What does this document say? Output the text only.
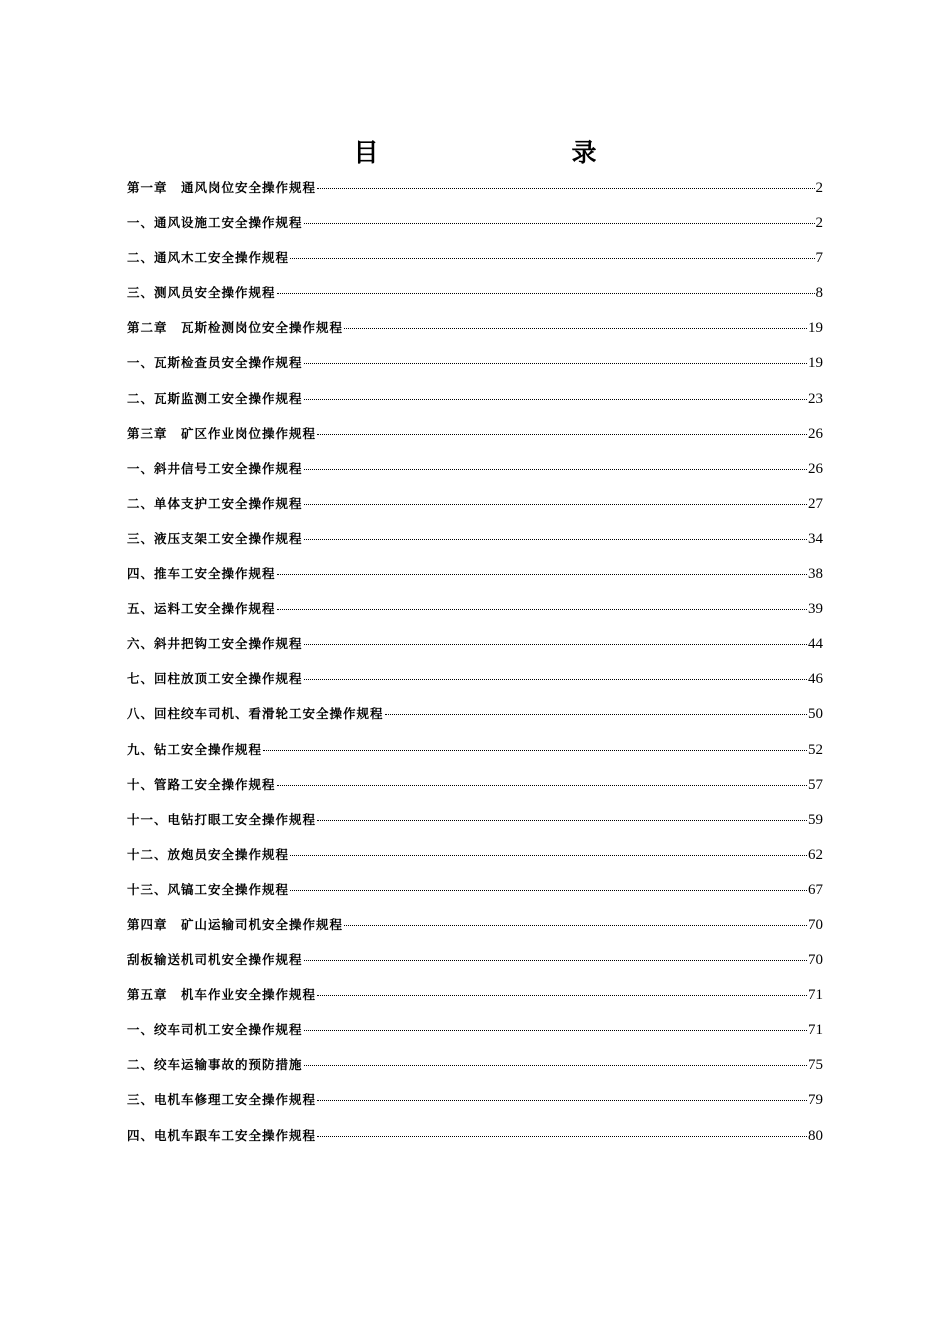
目　录
第一章　通风岗位安全操作规程	2
一、通风设施工安全操作规程	2
二、通风木工安全操作规程	7
三、测风员安全操作规程	8
第二章　瓦斯检测岗位安全操作规程	19
一、瓦斯检查员安全操作规程	19
二、瓦斯监测工安全操作规程	23
第三章　矿区作业岗位操作规程	26
一、斜井信号工安全操作规程	26
二、单体支护工安全操作规程	27
三、液压支架工安全操作规程	34
四、推车工安全操作规程	38
五、运料工安全操作规程	39
六、斜井把钩工安全操作规程	44
七、回柱放顶工安全操作规程	46
八、回柱绞车司机、看滑轮工安全操作规程	50
九、钻工安全操作规程	52
十、管路工安全操作规程	57
十一、电钻打眼工安全操作规程	59
十二、放炮员安全操作规程	62
十三、风镐工安全操作规程	67
第四章　矿山运输司机安全操作规程	70
刮板输送机司机安全操作规程	70
第五章　机车作业安全操作规程	71
一、绞车司机工安全操作规程	71
二、绞车运输事故的预防措施	75
三、电机车修理工安全操作规程	79
四、电机车跟车工安全操作规程	80
